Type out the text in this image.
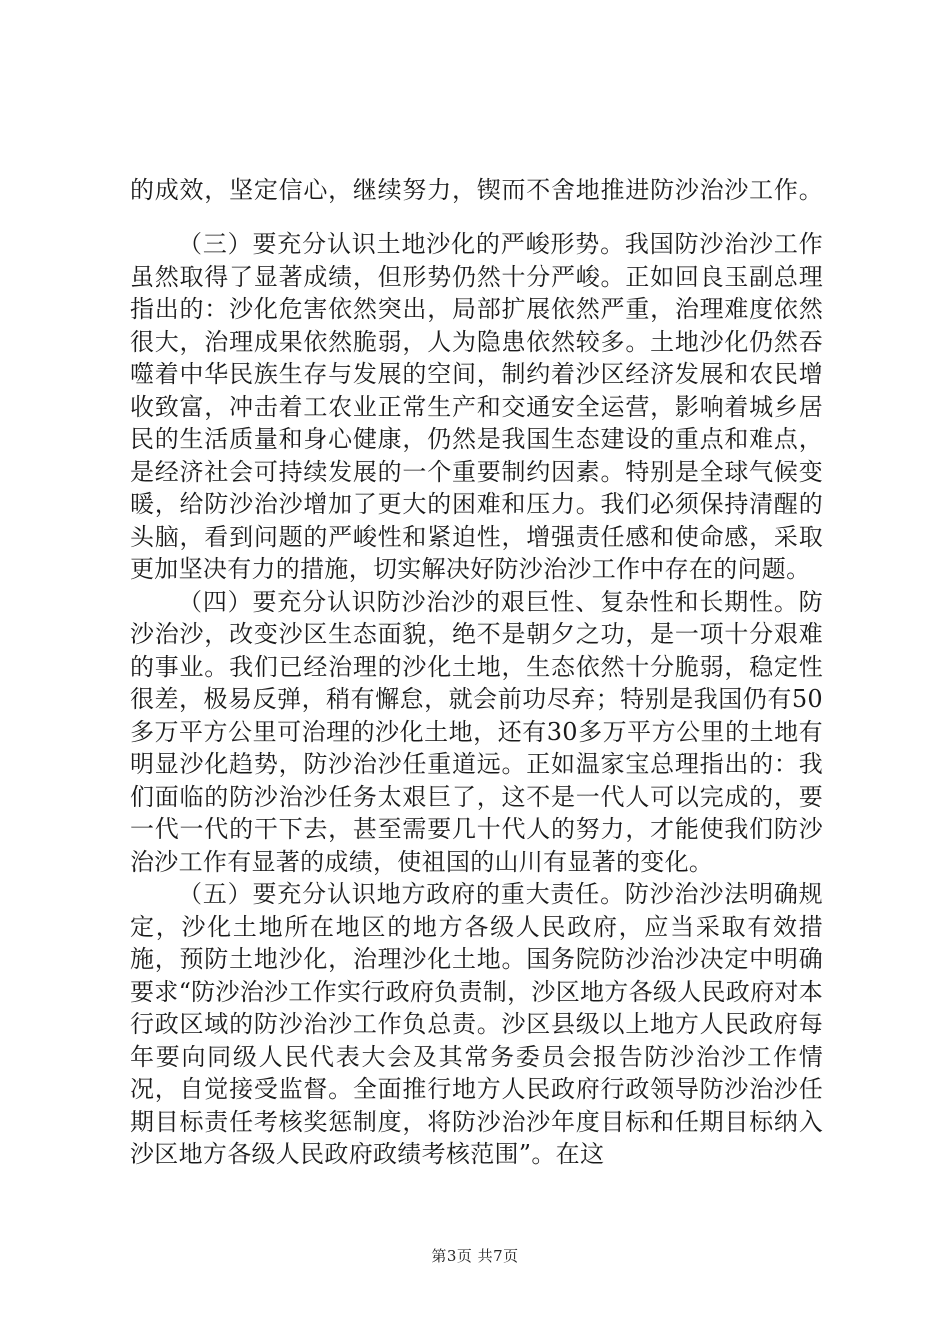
的成效，坚定信心，继续努力，锲而不舍地推进防沙治沙工作。

（三）要充分认识土地沙化的严峻形势。我国防沙治沙工作虽然取得了显著成绩，但形势仍然十分严峻。正如回良玉副总理指出的：沙化危害依然突出，局部扩展依然严重，治理难度依然很大，治理成果依然脆弱，人为隐患依然较多。土地沙化仍然吞噬着中华民族生存与发展的空间，制约着沙区经济发展和农民增收致富，冲击着工农业正常生产和交通安全运营，影响着城乡居民的生活质量和身心健康，仍然是我国生态建设的重点和难点，是经济社会可持续发展的一个重要制约因素。特别是全球气候变暖，给防沙治沙增加了更大的困难和压力。我们必须保持清醒的头脑，看到问题的严峻性和紧迫性，增强责任感和使命感，采取更加坚决有力的措施，切实解决好防沙治沙工作中存在的问题。

（四）要充分认识防沙治沙的艰巨性、复杂性和长期性。防沙治沙，改变沙区生态面貌，绝不是朝夕之功，是一项十分艰难的事业。我们已经治理的沙化土地，生态依然十分脆弱，稳定性很差，极易反弹，稍有懈怠，就会前功尽弃；特别是我国仍有50多万平方公里可治理的沙化土地，还有30多万平方公里的土地有明显沙化趋势，防沙治沙任重道远。正如温家宝总理指出的：我们面临的防沙治沙任务太艰巨了，这不是一代人可以完成的，要一代一代的干下去，甚至需要几十代人的努力，才能使我们防沙治沙工作有显著的成绩，使祖国的山川有显著的变化。

（五）要充分认识地方政府的重大责任。防沙治沙法明确规定，沙化土地所在地区的地方各级人民政府，应当采取有效措施，预防土地沙化，治理沙化土地。国务院防沙治沙决定中明确要求“防沙治沙工作实行政府负责制，沙区地方各级人民政府对本行政区域的防沙治沙工作负总责。沙区县级以上地方人民政府每年要向同级人民代表大会及其常务委员会报告防沙治沙工作情况，自觉接受监督。全面推行地方人民政府行政领导防沙治沙任期目标责任考核奖惩制度，将防沙治沙年度目标和任期目标纳入沙区地方各级人民政府政绩考核范围”。在这

第3页 共7页
